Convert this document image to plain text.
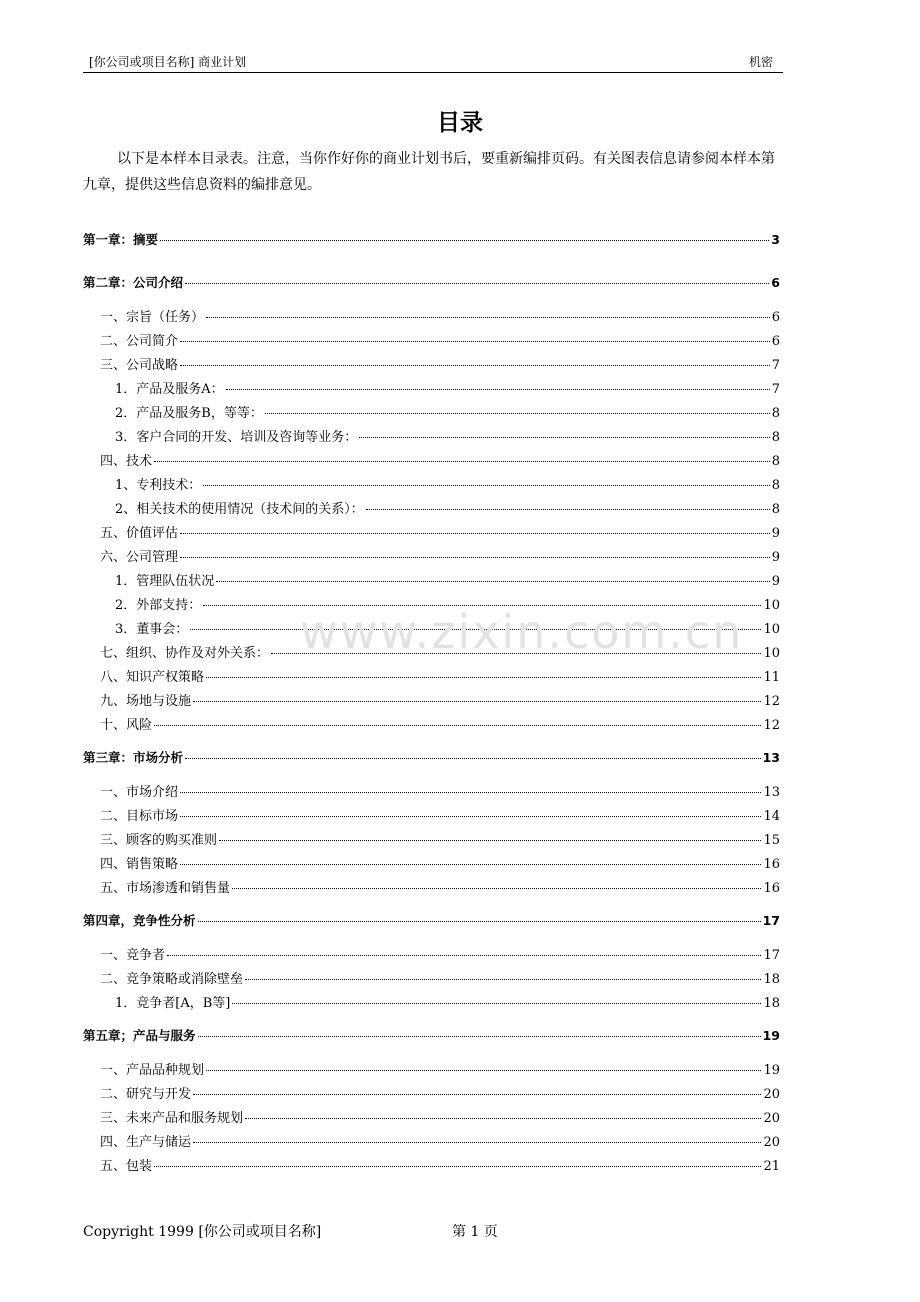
[你公司或项目名称] 商业计划	机密
目录
以下是本样本目录表。注意，当你作好你的商业计划书后，要重新编排页码。有关图表信息请参阅本样本第九章，提供这些信息资料的编排意见。
第一章：摘要	3
第二章：公司介绍	6
一、宗旨（任务）	6
二、公司简介	6
三、公司战略	7
1．产品及服务A：	7
2．产品及服务B，等等：	8
3．客户合同的开发、培训及咨询等业务：	8
四、技术	8
1、专利技术：	8
2、相关技术的使用情况（技术间的关系）：	8
五、价值评估	9
六、公司管理	9
1．管理队伍状况	9
2．外部支持：	10
3．董事会：	10
七、组织、协作及对外关系：	10
八、知识产权策略	11
九、场地与设施	12
十、风险	12
第三章：市场分析	13
一、市场介绍	13
二、目标市场	14
三、顾客的购买准则	15
四、销售策略	16
五、市场渗透和销售量	16
第四章，竞争性分析	17
一、竞争者	17
二、竞争策略或消除壁垒	18
1．竞争者[A，B等]	18
第五章；产品与服务	19
一、产品品种规划	19
二、研究与开发	20
三、未来产品和服务规划	20
四、生产与储运	20
五、包装	21
www.zixin.com.cn
Copyright 1999 [你公司或项目名称]	第 1 页
